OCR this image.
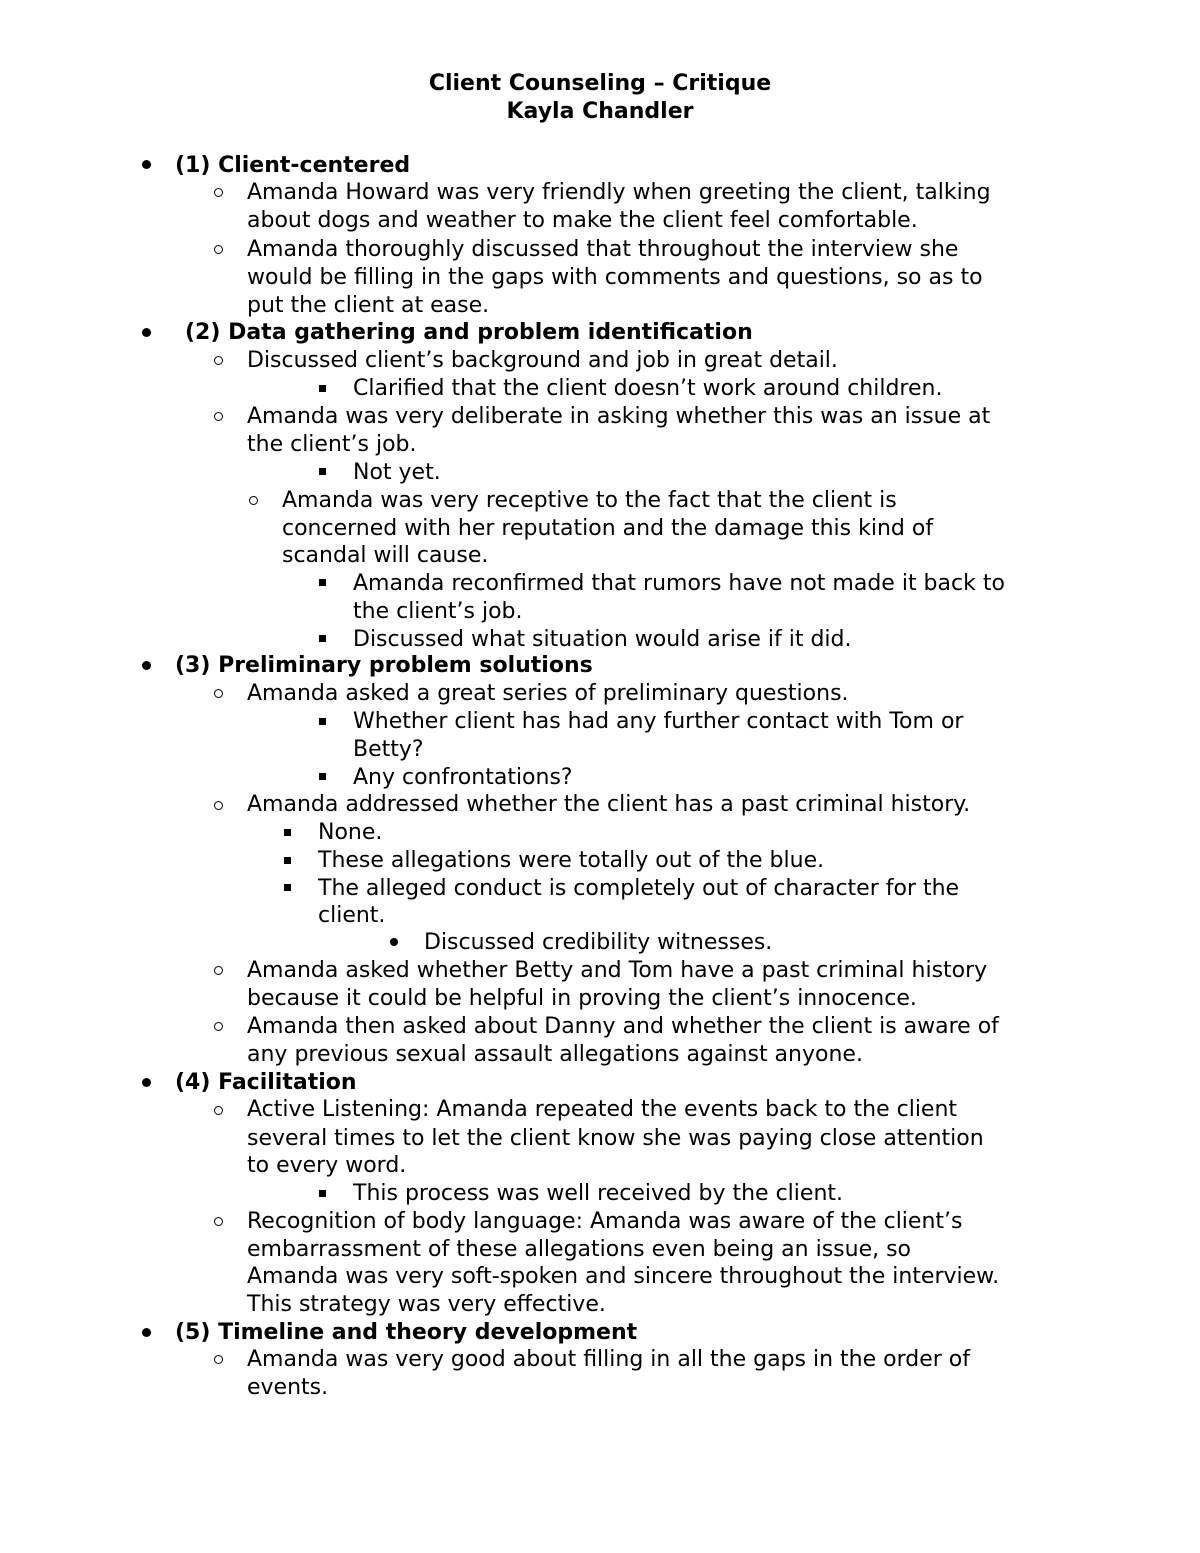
Client Counseling – Critique
Kayla Chandler
(1) Client-centered
Amanda Howard was very friendly when greeting the client, talking
about dogs and weather to make the client feel comfortable.
Amanda thoroughly discussed that throughout the interview she
would be filling in the gaps with comments and questions, so as to
put the client at ease.
(2) Data gathering and problem identification
Discussed client’s background and job in great detail.
Clarified that the client doesn’t work around children.
Amanda was very deliberate in asking whether this was an issue at
the client’s job.
Not yet.
Amanda was very receptive to the fact that the client is
concerned with her reputation and the damage this kind of
scandal will cause.
Amanda reconfirmed that rumors have not made it back to
the client’s job.
Discussed what situation would arise if it did.
(3) Preliminary problem solutions
Amanda asked a great series of preliminary questions.
Whether client has had any further contact with Tom or
Betty?
Any confrontations?
Amanda addressed whether the client has a past criminal history.
None.
These allegations were totally out of the blue.
The alleged conduct is completely out of character for the
client.
Discussed credibility witnesses.
Amanda asked whether Betty and Tom have a past criminal history
because it could be helpful in proving the client’s innocence.
Amanda then asked about Danny and whether the client is aware of
any previous sexual assault allegations against anyone.
(4) Facilitation
Active Listening: Amanda repeated the events back to the client
several times to let the client know she was paying close attention
to every word.
This process was well received by the client.
Recognition of body language: Amanda was aware of the client’s
embarrassment of these allegations even being an issue, so
Amanda was very soft-spoken and sincere throughout the interview.
This strategy was very effective.
(5) Timeline and theory development
Amanda was very good about filling in all the gaps in the order of
events.
